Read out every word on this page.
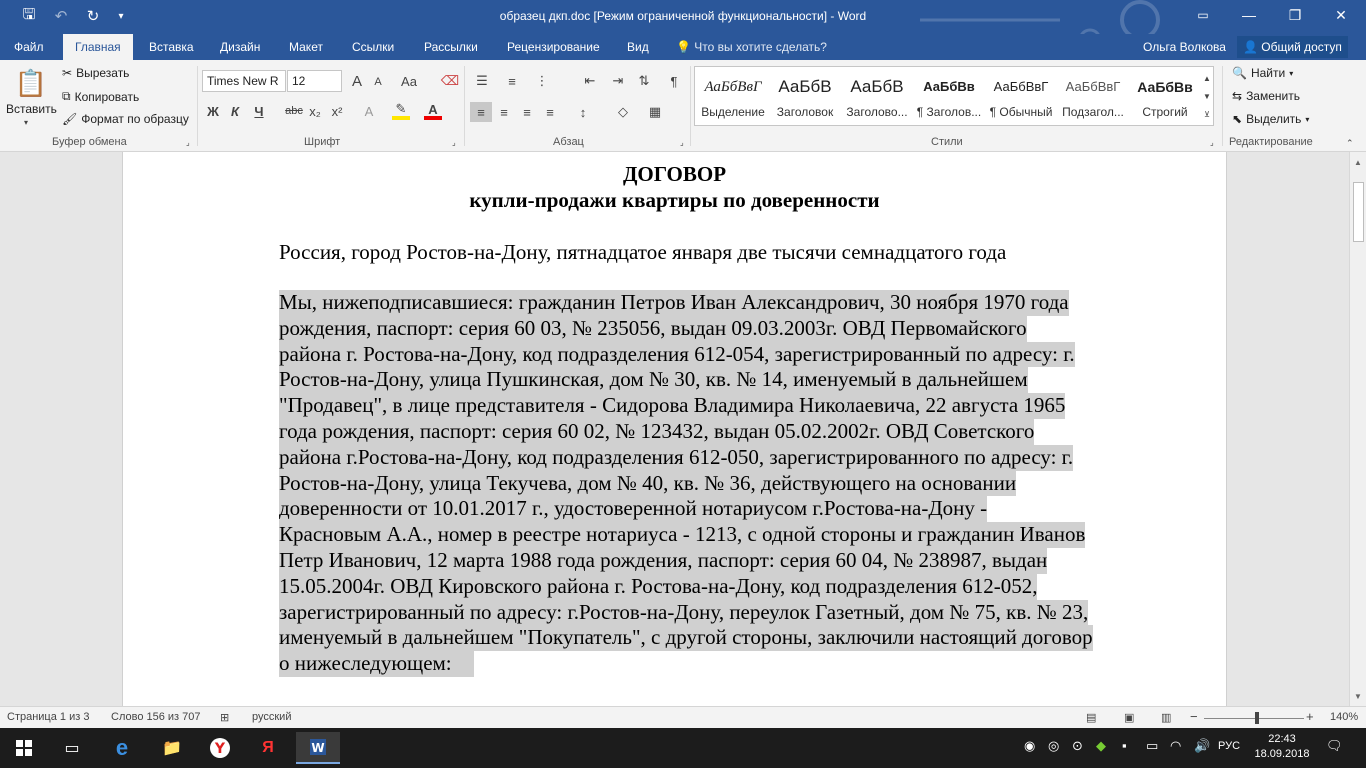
🖫	↶	↻	▾	образец дкп.doc [Режим ограниченной функциональности] - Word	▭	—	❐	✕
Файл	Главная	Вставка Дизайн Макет Ссылки Рассылки Рецензирование Вид 💡 Что вы хотите сделать?	Ольга Волкова	👤 Общий доступ
📋
Вставить
▾
✂ Вырезать
⧉ Копировать
🖌 Формат по образцу
Буфер обмена	⌟
Times New R	12	A	A	Aa	⌫
Ж К	Ч	abc x₂ x²	A	✎	A
Шрифт	⌟
☰	≡	⋮	⇤	⇥	⇅	¶
≡	≡	≡	≡	↕	◇	▦
Абзац	⌟
АаБбВвГ
Выделение
АаБбВ
Заголовок
АаБбВ
Заголово...
АаБбВв
¶ Заголов...
АаБбВвГ
¶ Обычный
АаБбВвГ
Подзагол...
АаБбВв
Строгий
▲
▼
⊻
Стили	⌟
🔍 Найти ▾
⇆ Заменить
⬉ Выделить ▾
Редактирование	⌃
ДОГОВОР
купли-продажи квартиры по доверенности
Россия, город Ростов-на-Дону, пятнадцатое января две тысячи семнадцатого года
Мы, нижеподписавшиеся: гражданин Петров Иван Александрович, 30 ноября 1970 года
рождения, паспорт: серия 60 03, № 235056, выдан 09.03.2003г. ОВД Первомайского
района г. Ростова-на-Дону, код подразделения 612-054, зарегистрированный по адресу: г.
Ростов-на-Дону, улица Пушкинская, дом № 30, кв. № 14, именуемый в дальнейшем
"Продавец", в лице представителя - Сидорова Владимира Николаевича, 22 августа 1965
года рождения, паспорт: серия 60 02, № 123432, выдан 05.02.2002г. ОВД Советского
района г.Ростова-на-Дону, код подразделения 612-050, зарегистрированного по адресу: г.
Ростов-на-Дону, улица Текучева, дом № 40, кв. № 36, действующего на основании
доверенности от 10.01.2017 г., удостоверенной нотариусом г.Ростова-на-Дону -
Красновым А.А., номер в реестре нотариуса - 1213, с одной стороны и гражданин Иванов
Петр Иванович, 12 марта 1988 года рождения, паспорт: серия 60 04, № 238987, выдан
15.05.2004г. ОВД Кировского района г. Ростова-на-Дону, код подразделения 612-052,
зарегистрированный по адресу: г.Ростов-на-Дону, переулок Газетный, дом № 75, кв. № 23,
именуемый в дальнейшем "Покупатель", с другой стороны, заключили настоящий договор
о нижеследующем:
▲
▼
Страница 1 из 3 Слово 156 из 707 ⊞ русский	▤	▣ ▥ −	+ 140%
▭	e	📁	Y	Я	W	◉ ◎ ⊙ ◆ ▪ ▭ ◠ 🔊 РУС
22:43
18.09.2018
🗨
